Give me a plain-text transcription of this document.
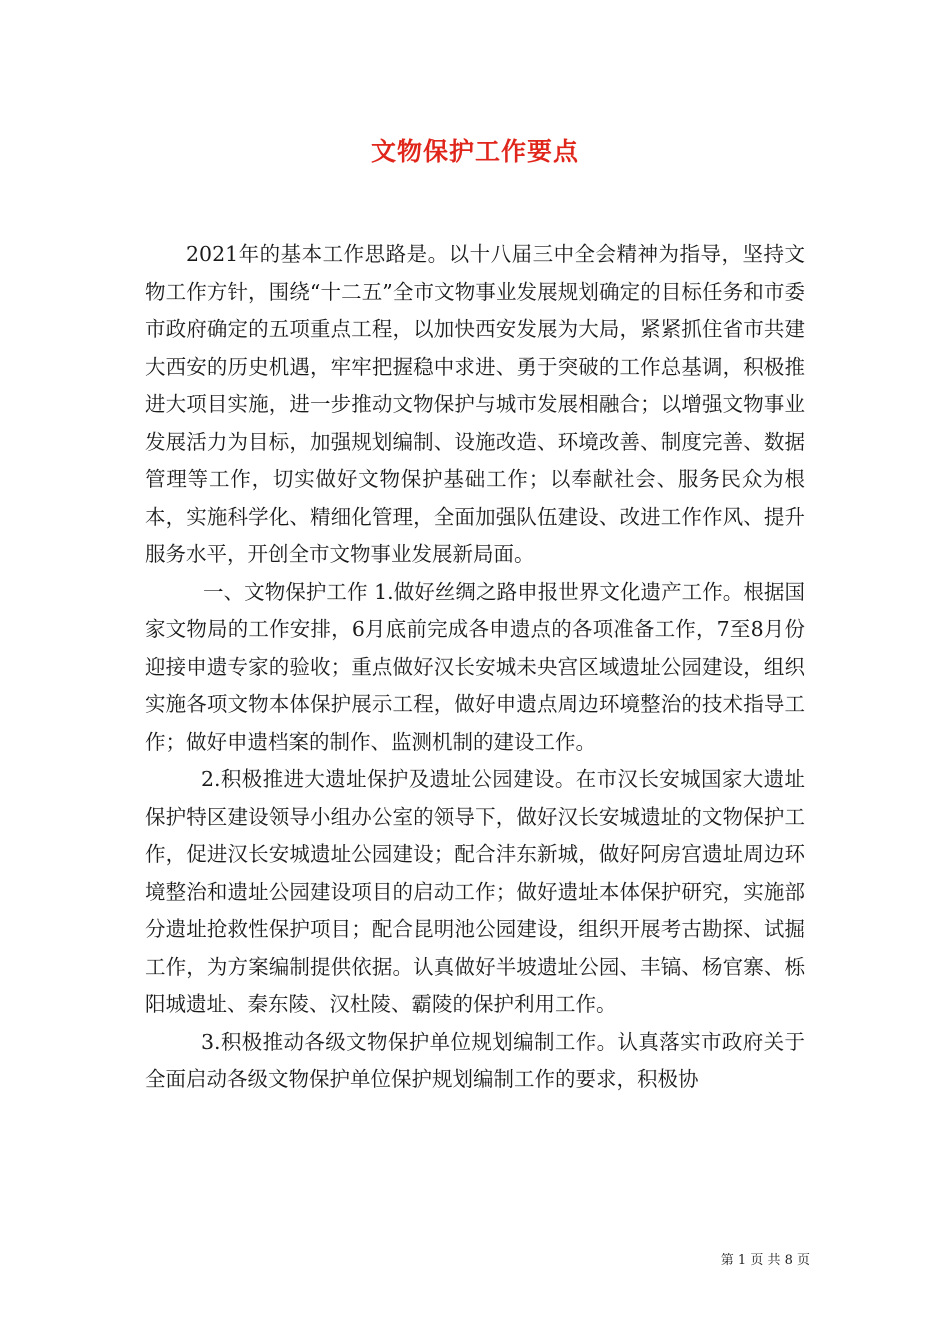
文物保护工作要点

2021年的基本工作思路是。以十八届三中全会精神为指导，坚持文物工作方针，围绕“十二五”全市文物事业发展规划确定的目标任务和市委市政府确定的五项重点工程，以加快西安发展为大局，紧紧抓住省市共建大西安的历史机遇，牢牢把握稳中求进、勇于突破的工作总基调，积极推进大项目实施，进一步推动文物保护与城市发展相融合；以增强文物事业发展活力为目标，加强规划编制、设施改造、环境改善、制度完善、数据管理等工作，切实做好文物保护基础工作；以奉献社会、服务民众为根本，实施科学化、精细化管理，全面加强队伍建设、改进工作作风、提升服务水平，开创全市文物事业发展新局面。

一、文物保护工作 1.做好丝绸之路申报世界文化遗产工作。根据国家文物局的工作安排，6月底前完成各申遗点的各项准备工作，7至8月份迎接申遗专家的验收；重点做好汉长安城未央宫区域遗址公园建设，组织实施各项文物本体保护展示工程，做好申遗点周边环境整治的技术指导工作；做好申遗档案的制作、监测机制的建设工作。

2.积极推进大遗址保护及遗址公园建设。在市汉长安城国家大遗址保护特区建设领导小组办公室的领导下，做好汉长安城遗址的文物保护工作，促进汉长安城遗址公园建设；配合沣东新城，做好阿房宫遗址周边环境整治和遗址公园建设项目的启动工作；做好遗址本体保护研究，实施部分遗址抢救性保护项目；配合昆明池公园建设，组织开展考古勘探、试掘工作，为方案编制提供依据。认真做好半坡遗址公园、丰镐、杨官寨、栎阳城遗址、秦东陵、汉杜陵、霸陵的保护利用工作。

3.积极推动各级文物保护单位规划编制工作。认真落实市政府关于全面启动各级文物保护单位保护规划编制工作的要求，积极协

第 1 页 共 8 页
